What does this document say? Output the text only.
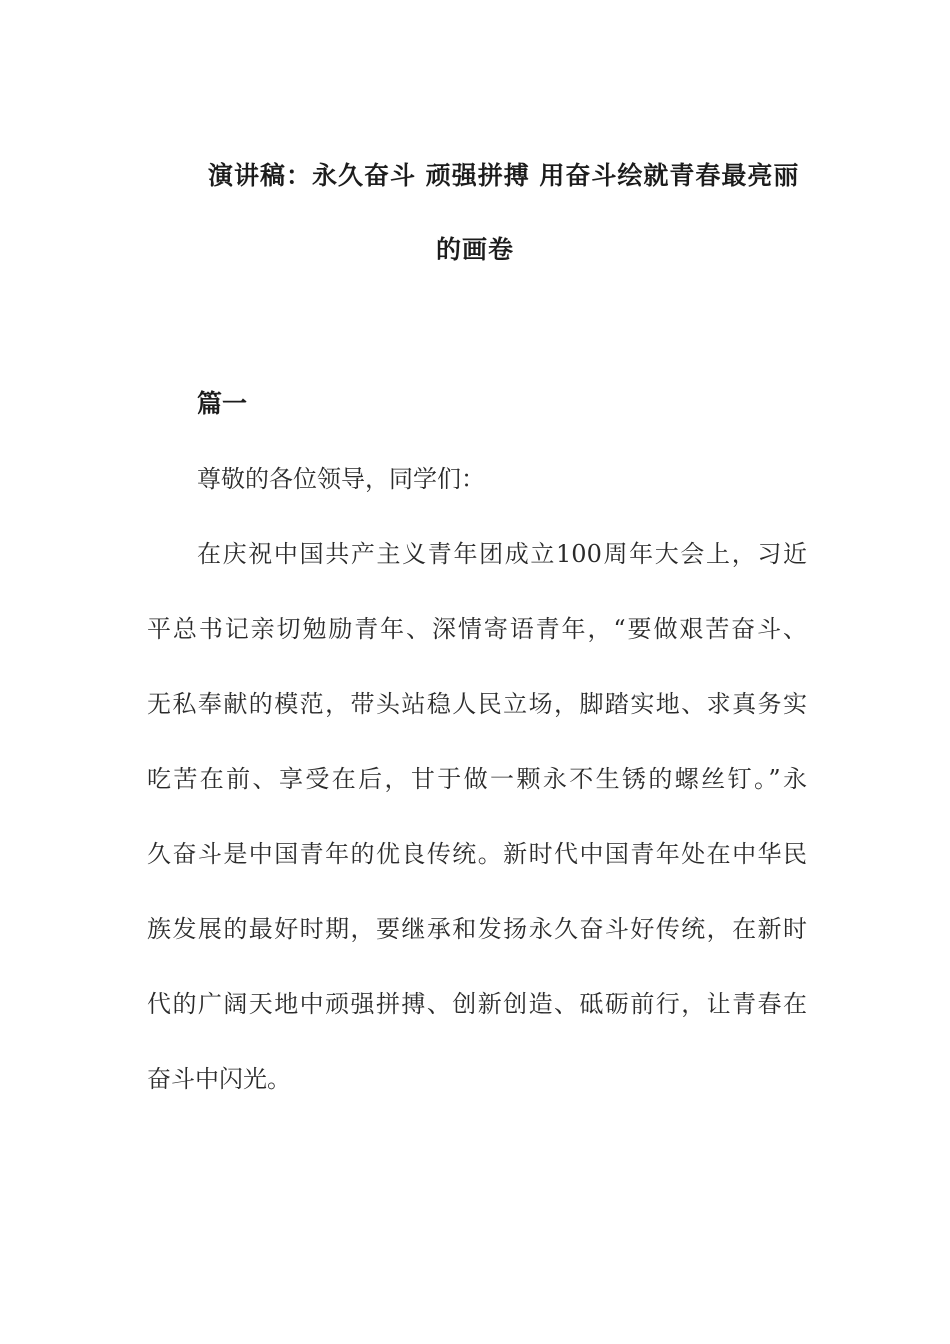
演讲稿：永久奋斗 顽强拼搏 用奋斗绘就青春最亮丽
的画卷
篇一
尊敬的各位领导，同学们：
在庆祝中国共产主义青年团成立100周年大会上，习近
平总书记亲切勉励青年、深情寄语青年，“要做艰苦奋斗、
无私奉献的模范，带头站稳人民立场，脚踏实地、求真务实
吃苦在前、享受在后，甘于做一颗永不生锈的螺丝钉。”永
久奋斗是中国青年的优良传统。新时代中国青年处在中华民
族发展的最好时期，要继承和发扬永久奋斗好传统，在新时
代的广阔天地中顽强拼搏、创新创造、砥砺前行，让青春在
奋斗中闪光。
